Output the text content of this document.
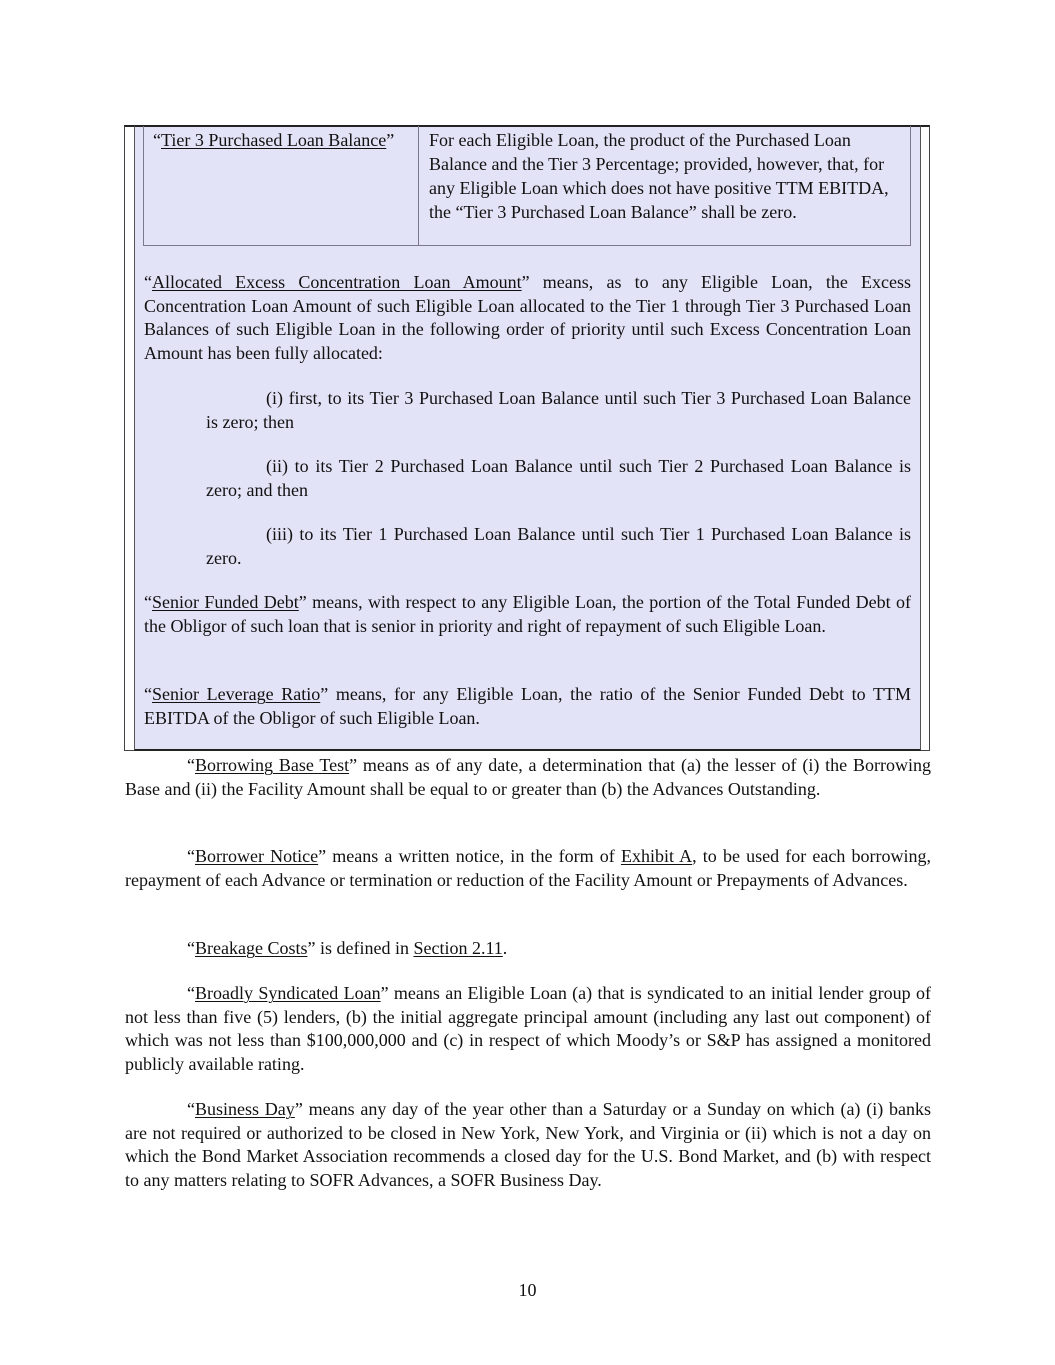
“Tier 3 Purchased Loan Balance”	For each Eligible Loan, the product of the Purchased Loan Balance and the Tier 3 Percentage; provided, however, that, for any Eligible Loan which does not have positive TTM EBITDA, the “Tier 3 Purchased Loan Balance” shall be zero.
“Allocated Excess Concentration Loan Amount” means, as to any Eligible Loan, the Excess Concentration Loan Amount of such Eligible Loan allocated to the Tier 1 through Tier 3 Purchased Loan Balances of such Eligible Loan in the following order of priority until such Excess Concentration Loan Amount has been fully allocated:
(i) first, to its Tier 3 Purchased Loan Balance until such Tier 3 Purchased Loan Balance is zero; then
(ii) to its Tier 2 Purchased Loan Balance until such Tier 2 Purchased Loan Balance is zero; and then
(iii) to its Tier 1 Purchased Loan Balance until such Tier 1 Purchased Loan Balance is zero.
“Senior Funded Debt” means, with respect to any Eligible Loan, the portion of the Total Funded Debt of the Obligor of such loan that is senior in priority and right of repayment of such Eligible Loan.
“Senior Leverage Ratio” means, for any Eligible Loan, the ratio of the Senior Funded Debt to TTM EBITDA of the Obligor of such Eligible Loan.
“Borrowing Base Test” means as of any date, a determination that (a) the lesser of (i) the Borrowing Base and (ii) the Facility Amount shall be equal to or greater than (b) the Advances Outstanding.
“Borrower Notice” means a written notice, in the form of Exhibit A, to be used for each borrowing, repayment of each Advance or termination or reduction of the Facility Amount or Prepayments of Advances.
“Breakage Costs” is defined in Section 2.11.
“Broadly Syndicated Loan” means an Eligible Loan (a) that is syndicated to an initial lender group of not less than five (5) lenders, (b) the initial aggregate principal amount (including any last out component) of which was not less than $100,000,000 and (c) in respect of which Moody’s or S&P has assigned a monitored publicly available rating.
“Business Day” means any day of the year other than a Saturday or a Sunday on which (a) (i) banks are not required or authorized to be closed in New York, New York, and Virginia or (ii) which is not a day on which the Bond Market Association recommends a closed day for the U.S. Bond Market, and (b) with respect to any matters relating to SOFR Advances, a SOFR Business Day.
10
